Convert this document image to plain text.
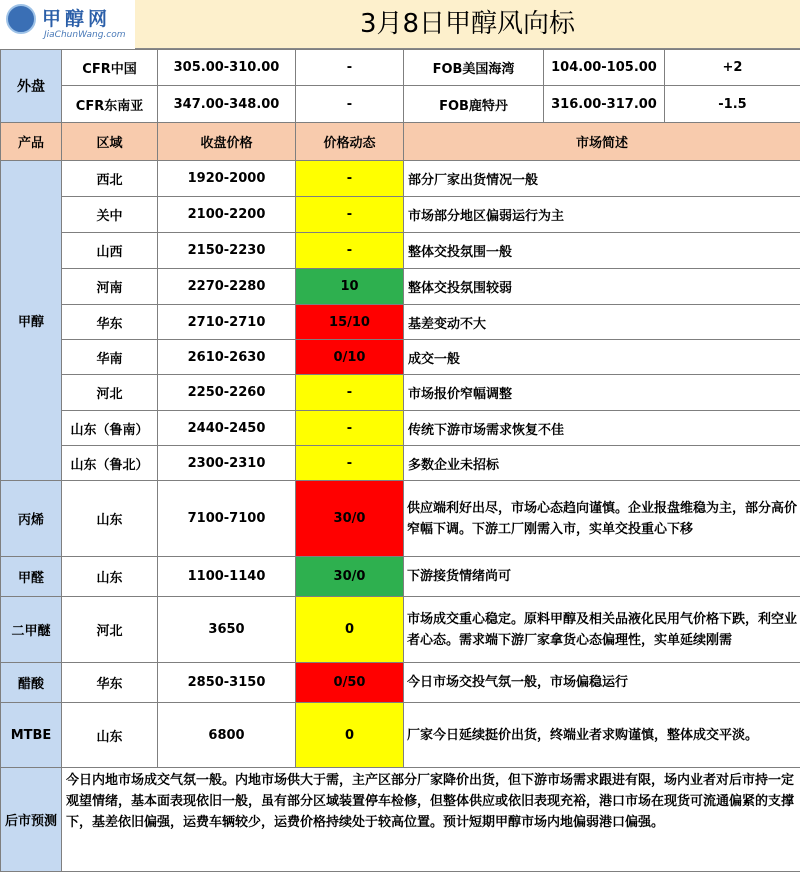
甲醇网
JiaChunWang.com	3月8日甲醇风向标
外盘	CFR中国	305.00-310.00	-	FOB美国海湾	104.00-105.00	+2
	CFR东南亚	347.00-348.00	-	FOB鹿特丹	316.00-317.00	-1.5
产品	区域	收盘价格	价格动态	市场简述		
甲醇	西北	1920-2000	-	部分厂家出货情况一般		
	关中	2100-2200	-	市场部分地区偏弱运行为主		
	山西	2150-2230	-	整体交投氛围一般		
	河南	2270-2280	10	整体交投氛围较弱		
	华东	2710-2710	15/10	基差变动不大		
	华南	2610-2630	0/10	成交一般		
	河北	2250-2260	-	市场报价窄幅调整		
	山东（鲁南）	2440-2450	-	传统下游市场需求恢复不佳		
	山东（鲁北）	2300-2310	-	多数企业未招标		
丙烯	山东	7100-7100	30/0	供应端利好出尽，市场心态趋向谨慎。企业报盘维稳为主，部分高价窄幅下调。下游工厂刚需入市，实单交投重心下移		
甲醛	山东	1100-1140	30/0	下游接货情绪尚可		
二甲醚	河北	3650	0	市场成交重心稳定。原料甲醇及相关品液化民用气价格下跌，利空业者心态。需求端下游厂家拿货心态偏理性，实单延续刚需		
醋酸	华东	2850-3150	0/50	今日市场交投气氛一般，市场偏稳运行		
MTBE	山东	6800	0	厂家今日延续挺价出货，终端业者求购谨慎，整体成交平淡。		
后市预测	今日内地市场成交气氛一般。内地市场供大于需，主产区部分厂家降价出货，但下游市场需求跟进有限，场内业者对后市持一定观望情绪，基本面表现依旧一般，虽有部分区域装置停车检修，但整体供应或依旧表现充裕，港口市场在现货可流通偏紧的支撑下，基差依旧偏强，运费车辆较少，运费价格持续处于较高位置。预计短期甲醇市场内地偏弱港口偏强。					
